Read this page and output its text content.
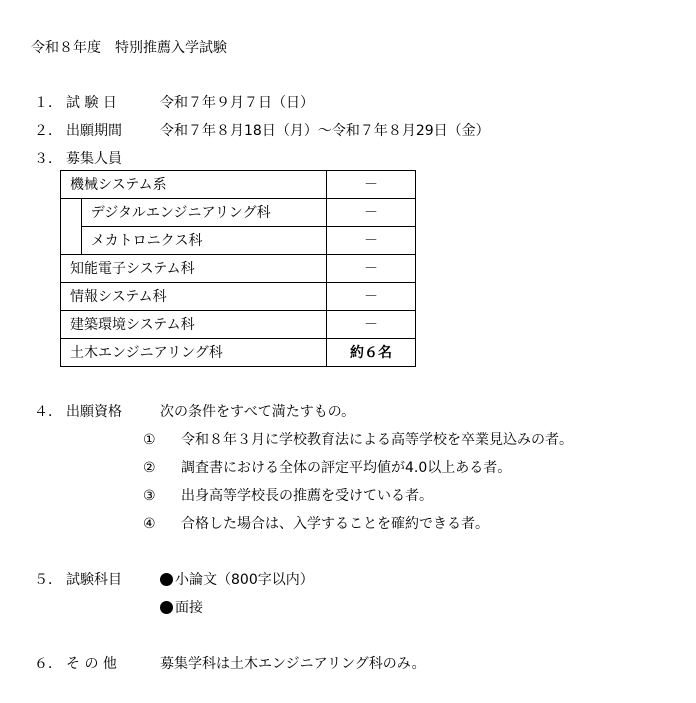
令和８年度　特別推薦入学試験
１． 試 験 日	令和７年９月７日（日）
２． 出願期間	令和７年８月18日（月）～令和７年８月29日（金）
３． 募集人員
機械システム系		－
	デジタルエンジニアリング科	－
	メカトロニクス科	－
知能電子システム科		－
情報システム科		－
建築環境システム科		－
土木エンジニアリング科		約６名
４． 出願資格	次の条件をすべて満たすもの。
① 令和８年３月に学校教育法による高等学校を卒業見込みの者。
② 調査書における全体の評定平均値が4.0以上ある者。
③ 出身高等学校長の推薦を受けている者。
④ 合格した場合は、入学することを確約できる者。
５． 試験科目	小論文（800字以内）
面接
６． そ の 他	募集学科は土木エンジニアリング科のみ。
